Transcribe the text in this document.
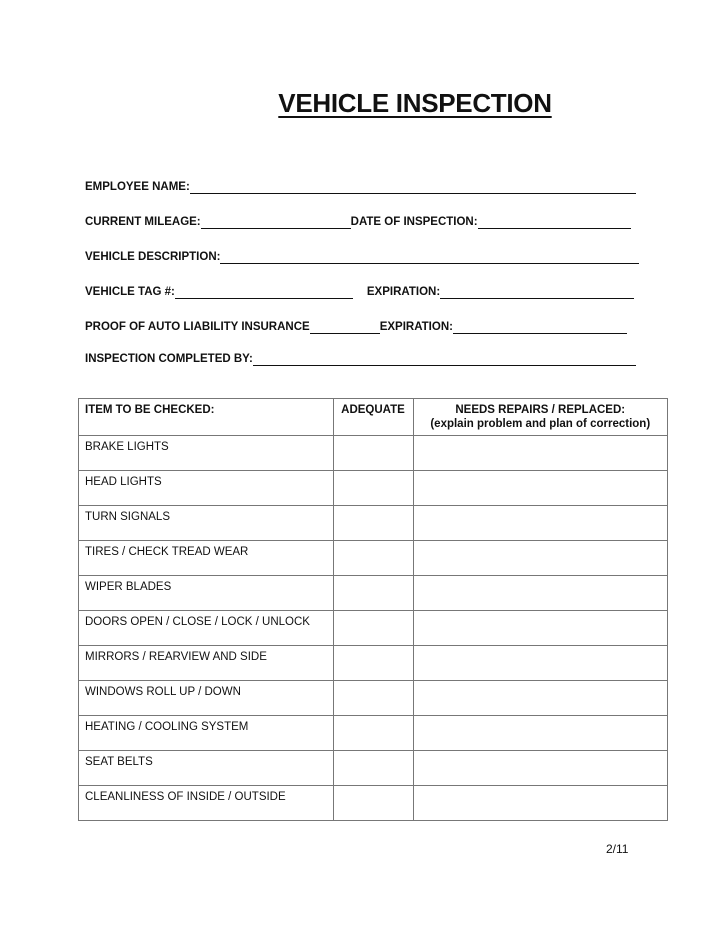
VEHICLE INSPECTION
EMPLOYEE NAME:
CURRENT MILEAGE:	DATE OF INSPECTION:
VEHICLE DESCRIPTION:
VEHICLE TAG #:	EXPIRATION:
PROOF OF AUTO LIABILITY INSURANCE	EXPIRATION:
INSPECTION COMPLETED BY:
ITEM TO BE CHECKED:	ADEQUATE	NEEDS REPAIRS / REPLACED:
(explain problem and plan of correction)

BRAKE LIGHTS		
HEAD LIGHTS		
TURN SIGNALS		
TIRES / CHECK TREAD WEAR		
WIPER BLADES		
DOORS OPEN / CLOSE / LOCK / UNLOCK		
MIRRORS / REARVIEW AND SIDE		
WINDOWS ROLL UP / DOWN		
HEATING / COOLING SYSTEM		
SEAT BELTS		
CLEANLINESS OF INSIDE / OUTSIDE		
2/11
